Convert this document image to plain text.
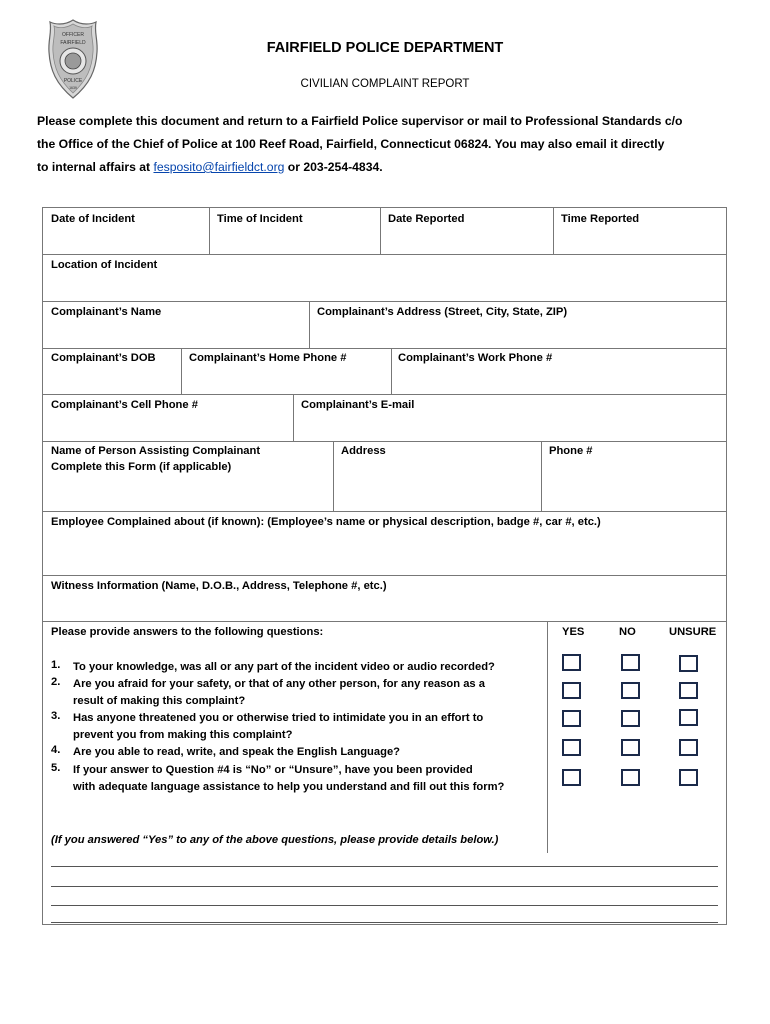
OFFICER
FAIRFIELD
POLICE
1639
FAIRFIELD POLICE DEPARTMENT
CIVILIAN COMPLAINT REPORT
Please complete this document and return to a Fairfield Police supervisor or mail to Professional Standards c/o
the Office of the Chief of Police at 100 Reef Road, Fairfield, Connecticut 06824. You may also email it directly
to internal affairs at fesposito@fairfieldct.org or 203-254-4834.
Date of Incident	Time of Incident	Date Reported	Time Reported
Location of Incident
Complainant’s Name	Complainant’s Address (Street, City, State, ZIP)
Complainant’s DOB	Complainant’s Home Phone #	Complainant’s Work Phone #
Complainant’s Cell Phone #	Complainant’s E-mail
Name of Person Assisting Complainant
Complete this Form (if applicable)
Address	Phone #
Employee Complained about (if known): (Employee’s name or physical description, badge #, car #, etc.)
Witness Information (Name, D.O.B., Address, Telephone #, etc.)
Please provide answers to the following questions:	YES	NO	UNSURE
1. To your knowledge, was all or any part of the incident video or audio recorded?
2. Are you afraid for your safety, or that of any other person, for any reason as a
result of making this complaint?
3. Has anyone threatened you or otherwise tried to intimidate you in an effort to
prevent you from making this complaint?
4. Are you able to read, write, and speak the English Language?
5. If your answer to Question #4 is “No” or “Unsure”, have you been provided
with adequate language assistance to help you understand and fill out this form?
(If you answered “Yes” to any of the above questions, please provide details below.)
